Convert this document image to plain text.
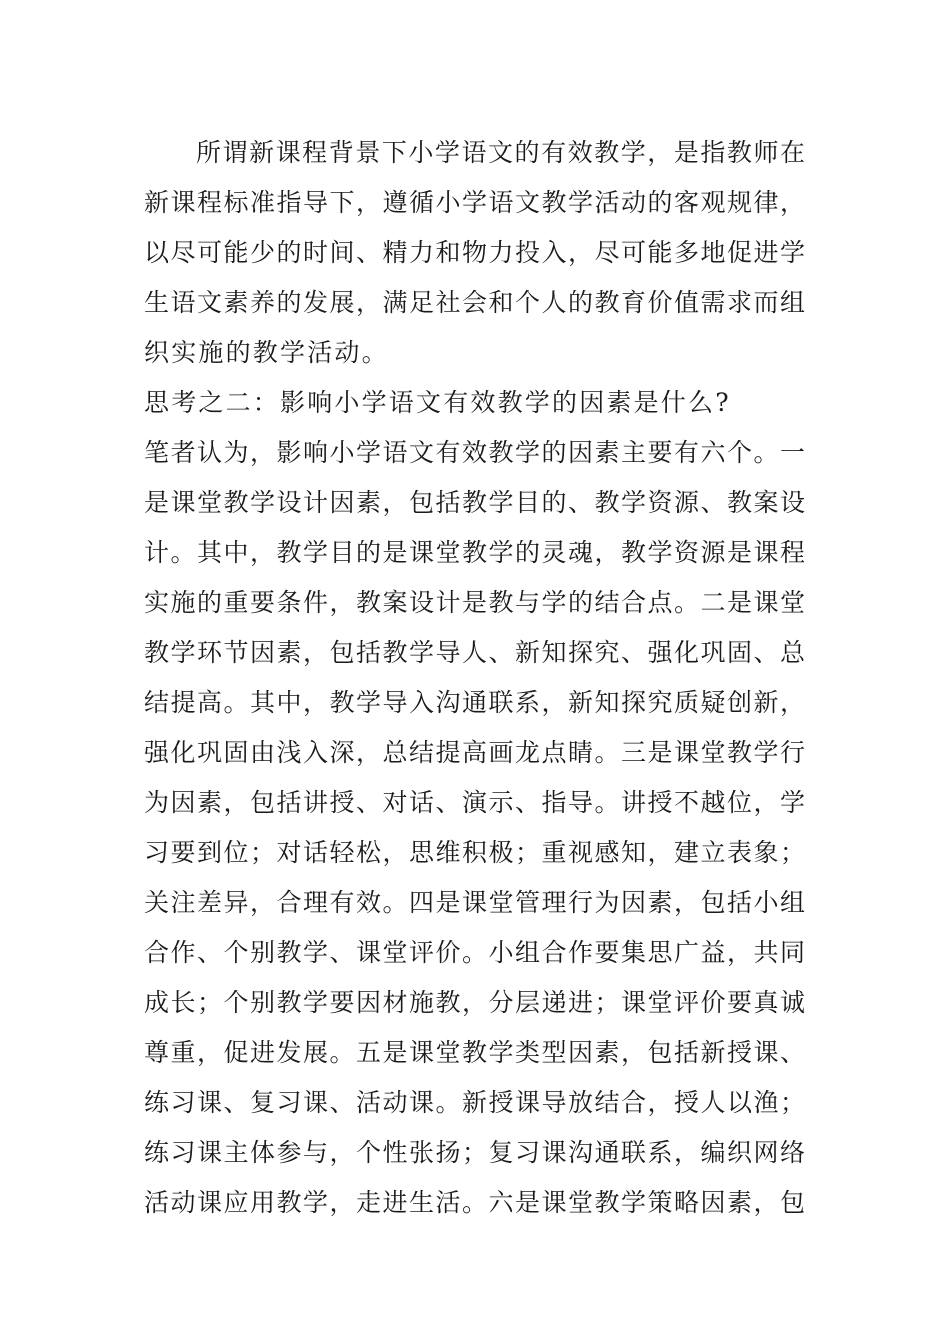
所谓新课程背景下小学语文的有效教学，是指教师在
新课程标准指导下，遵循小学语文教学活动的客观规律，
以尽可能少的时间、精力和物力投入，尽可能多地促进学
生语文素养的发展，满足社会和个人的教育价值需求而组
织实施的教学活动。
思考之二：影响小学语文有效教学的因素是什么?
笔者认为，影响小学语文有效教学的因素主要有六个。一
是课堂教学设计因素，包括教学目的、教学资源、教案设
计。其中，教学目的是课堂教学的灵魂，教学资源是课程
实施的重要条件，教案设计是教与学的结合点。二是课堂
教学环节因素，包括教学导人、新知探究、强化巩固、总
结提高。其中，教学导入沟通联系，新知探究质疑创新，
强化巩固由浅入深，总结提高画龙点睛。三是课堂教学行
为因素，包括讲授、对话、演示、指导。讲授不越位，学
习要到位；对话轻松，思维积极；重视感知，建立表象；
关注差异，合理有效。四是课堂管理行为因素，包括小组
合作、个别教学、课堂评价。小组合作要集思广益，共同
成长；个别教学要因材施教，分层递进；课堂评价要真诚
尊重，促进发展。五是课堂教学类型因素，包括新授课、
练习课、复习课、活动课。新授课导放结合，授人以渔；
练习课主体参与，个性张扬；复习课沟通联系，编织网络
活动课应用教学，走进生活。六是课堂教学策略因素，包
